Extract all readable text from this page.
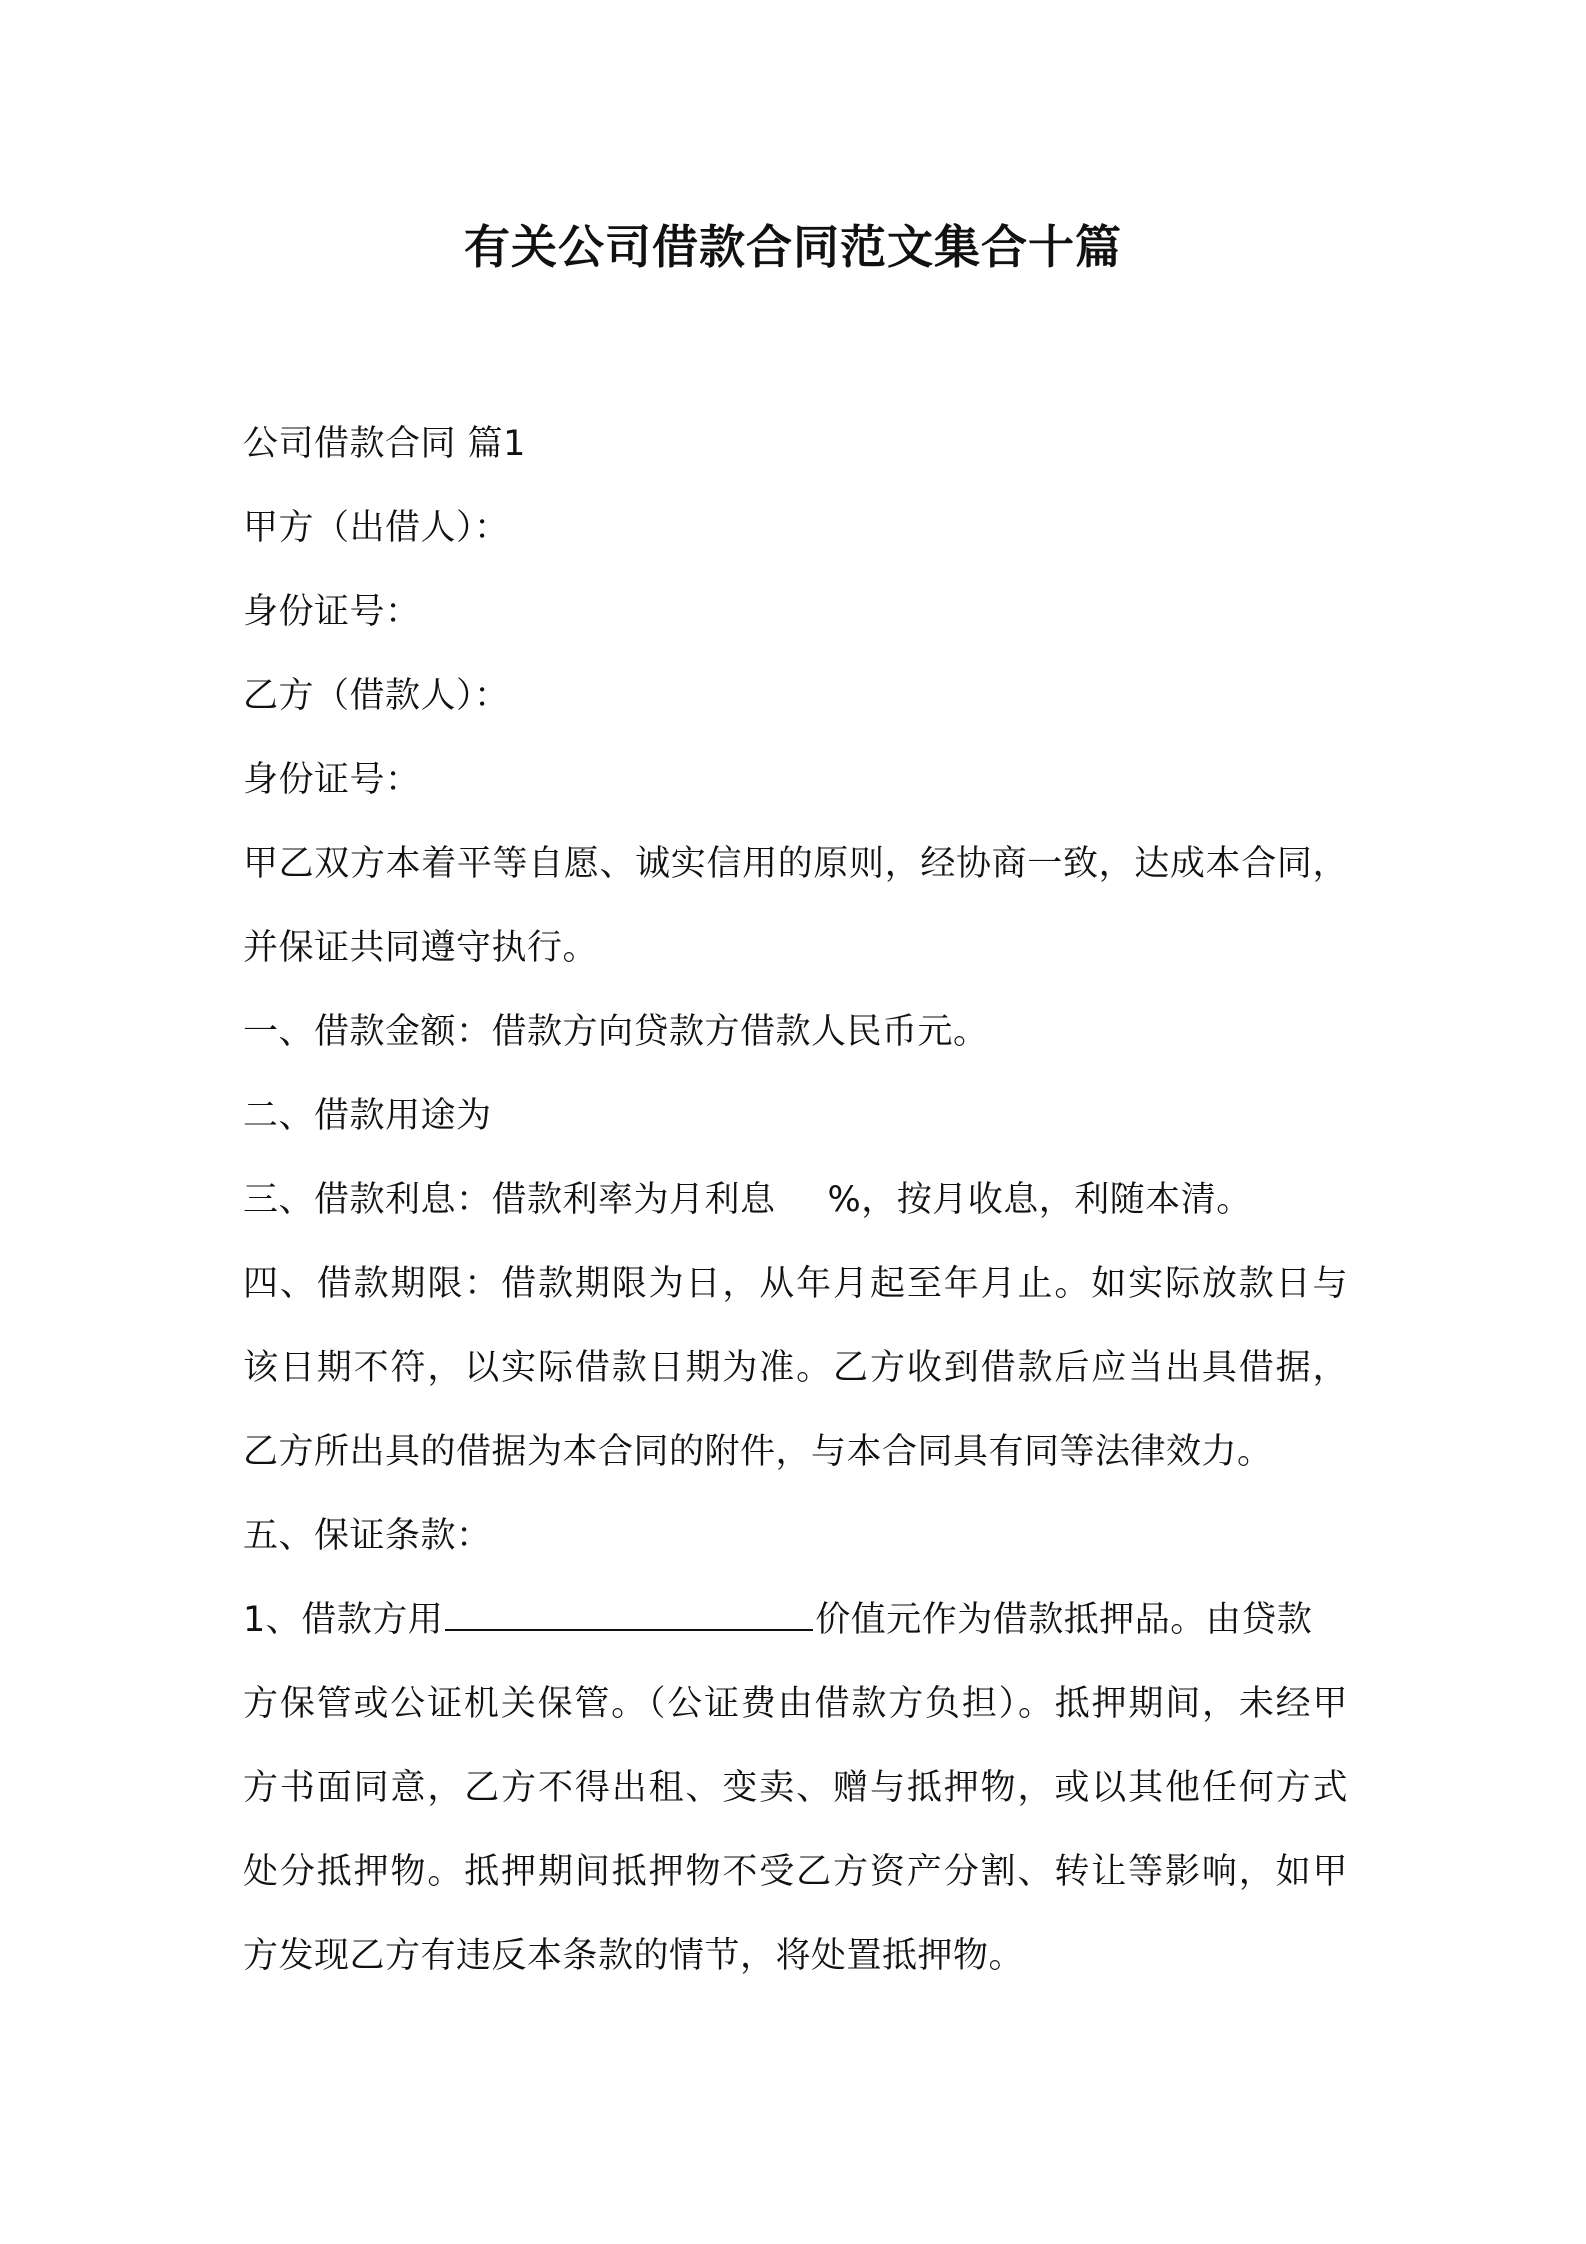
有关公司借款合同范文集合十篇

公司借款合同 篇1

甲方（出借人）：

身份证号：

乙方（借款人）：

身份证号：

甲乙双方本着平等自愿、诚实信用的原则，经协商一致，达成本合同，

并保证共同遵守执行。

一、借款金额：借款方向贷款方借款人民币元。

二、借款用途为

三、借款利息：借款利率为月利息 %，按月收息，利随本清。

四、借款期限：借款期限为日，从年月起至年月止。如实际放款日与

该日期不符，以实际借款日期为准。乙方收到借款后应当出具借据，

乙方所出具的借据为本合同的附件，与本合同具有同等法律效力。

五、保证条款：

1、借款方用	价值元作为借款抵押品。由贷款

方保管或公证机关保管。（公证费由借款方负担）。抵押期间，未经甲

方书面同意，乙方不得出租、变卖、赠与抵押物，或以其他任何方式

处分抵押物。抵押期间抵押物不受乙方资产分割、转让等影响，如甲

方发现乙方有违反本条款的情节，将处置抵押物。
